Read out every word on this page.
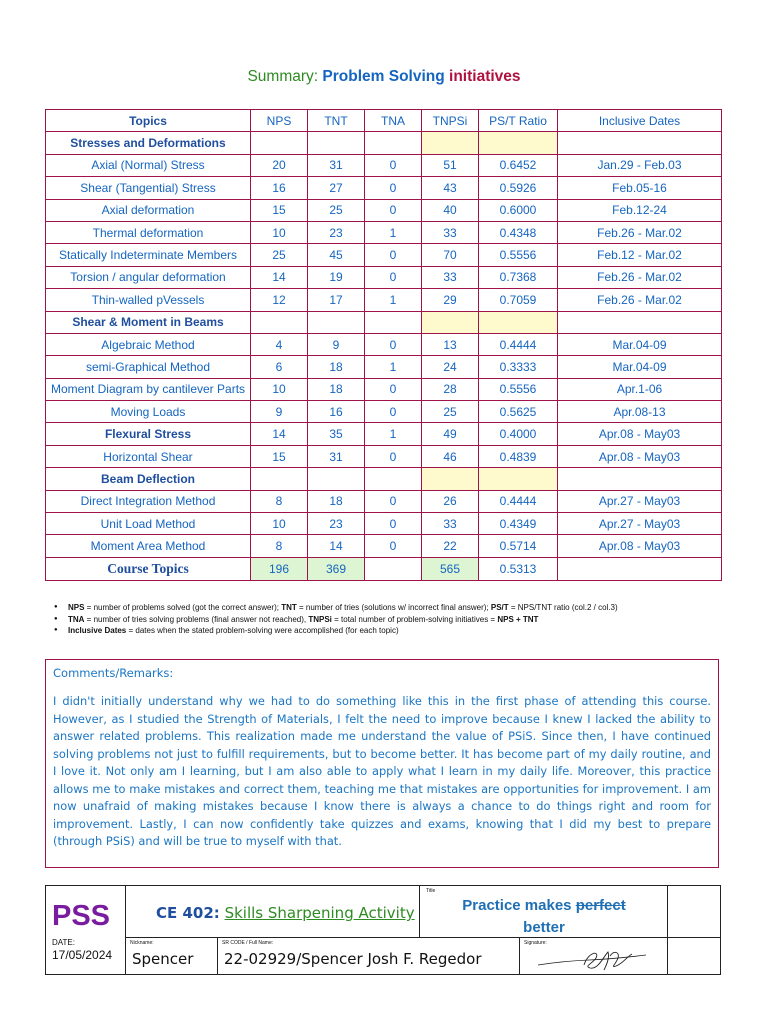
Summary: Problem Solving initiatives
Topics	NPS	TNT	TNA	TNPSi	PS/T Ratio	Inclusive Dates
Stresses and Deformations						
Axial (Normal) Stress	20	31	0	51	0.6452	Jan.29 - Feb.03
Shear (Tangential) Stress	16	27	0	43	0.5926	Feb.05-16
Axial deformation	15	25	0	40	0.6000	Feb.12-24
Thermal deformation	10	23	1	33	0.4348	Feb.26 - Mar.02
Statically Indeterminate Members	25	45	0	70	0.5556	Feb.12 - Mar.02
Torsion / angular deformation	14	19	0	33	0.7368	Feb.26 - Mar.02
Thin-walled pVessels	12	17	1	29	0.7059	Feb.26 - Mar.02
Shear & Moment in Beams						
Algebraic Method	4	9	0	13	0.4444	Mar.04-09
semi-Graphical Method	6	18	1	24	0.3333	Mar.04-09
Moment Diagram by cantilever Parts	10	18	0	28	0.5556	Apr.1-06
Moving Loads	9	16	0	25	0.5625	Apr.08-13
Flexural Stress	14	35	1	49	0.4000	Apr.08 - May03
Horizontal Shear	15	31	0	46	0.4839	Apr.08 - May03
Beam Deflection						
Direct Integration Method	8	18	0	26	0.4444	Apr.27 - May03
Unit Load Method	10	23	0	33	0.4349	Apr.27 - May03
Moment Area Method	8	14	0	22	0.5714	Apr.08 - May03
Course Topics	196	369		565	0.5313	
● NPS = number of problems solved (got the correct answer); TNT = number of tries (solutions w/ incorrect final answer); PS/T = NPS/TNT ratio (col.2 / col.3)
● TNA = number of tries solving problems (final answer not reached), TNPSi = total number of problem-solving initiatives = NPS + TNT
● Inclusive Dates = dates when the stated problem-solving were accomplished (for each topic)
Comments/Remarks:
I didn't initially understand why we had to do something like this in the first phase of attending this course. However, as I studied the Strength of Materials, I felt the need to improve because I knew I lacked the ability to answer related problems. This realization made me understand the value of PSiS. Since then, I have continued solving problems not just to fulfill requirements, but to become better. It has become part of my daily routine, and I love it. Not only am I learning, but I am also able to apply what I learn in my daily life. Moreover, this practice allows me to make mistakes and correct them, teaching me that mistakes are opportunities for improvement. I am now unafraid of making mistakes because I know there is always a chance to do things right and room for improvement. Lastly, I can now confidently take quizzes and exams, knowing that I did my best to prepare (through PSiS) and will be true to myself with that.
PSS
DATE:
17/05/2024
CE 402: Skills Sharpening Activity
Title
Practice makes perfect
better
Nickname:
Spencer
SR CODE / Full Name:
22-02929/Spencer Josh F. Regedor
Signature:
